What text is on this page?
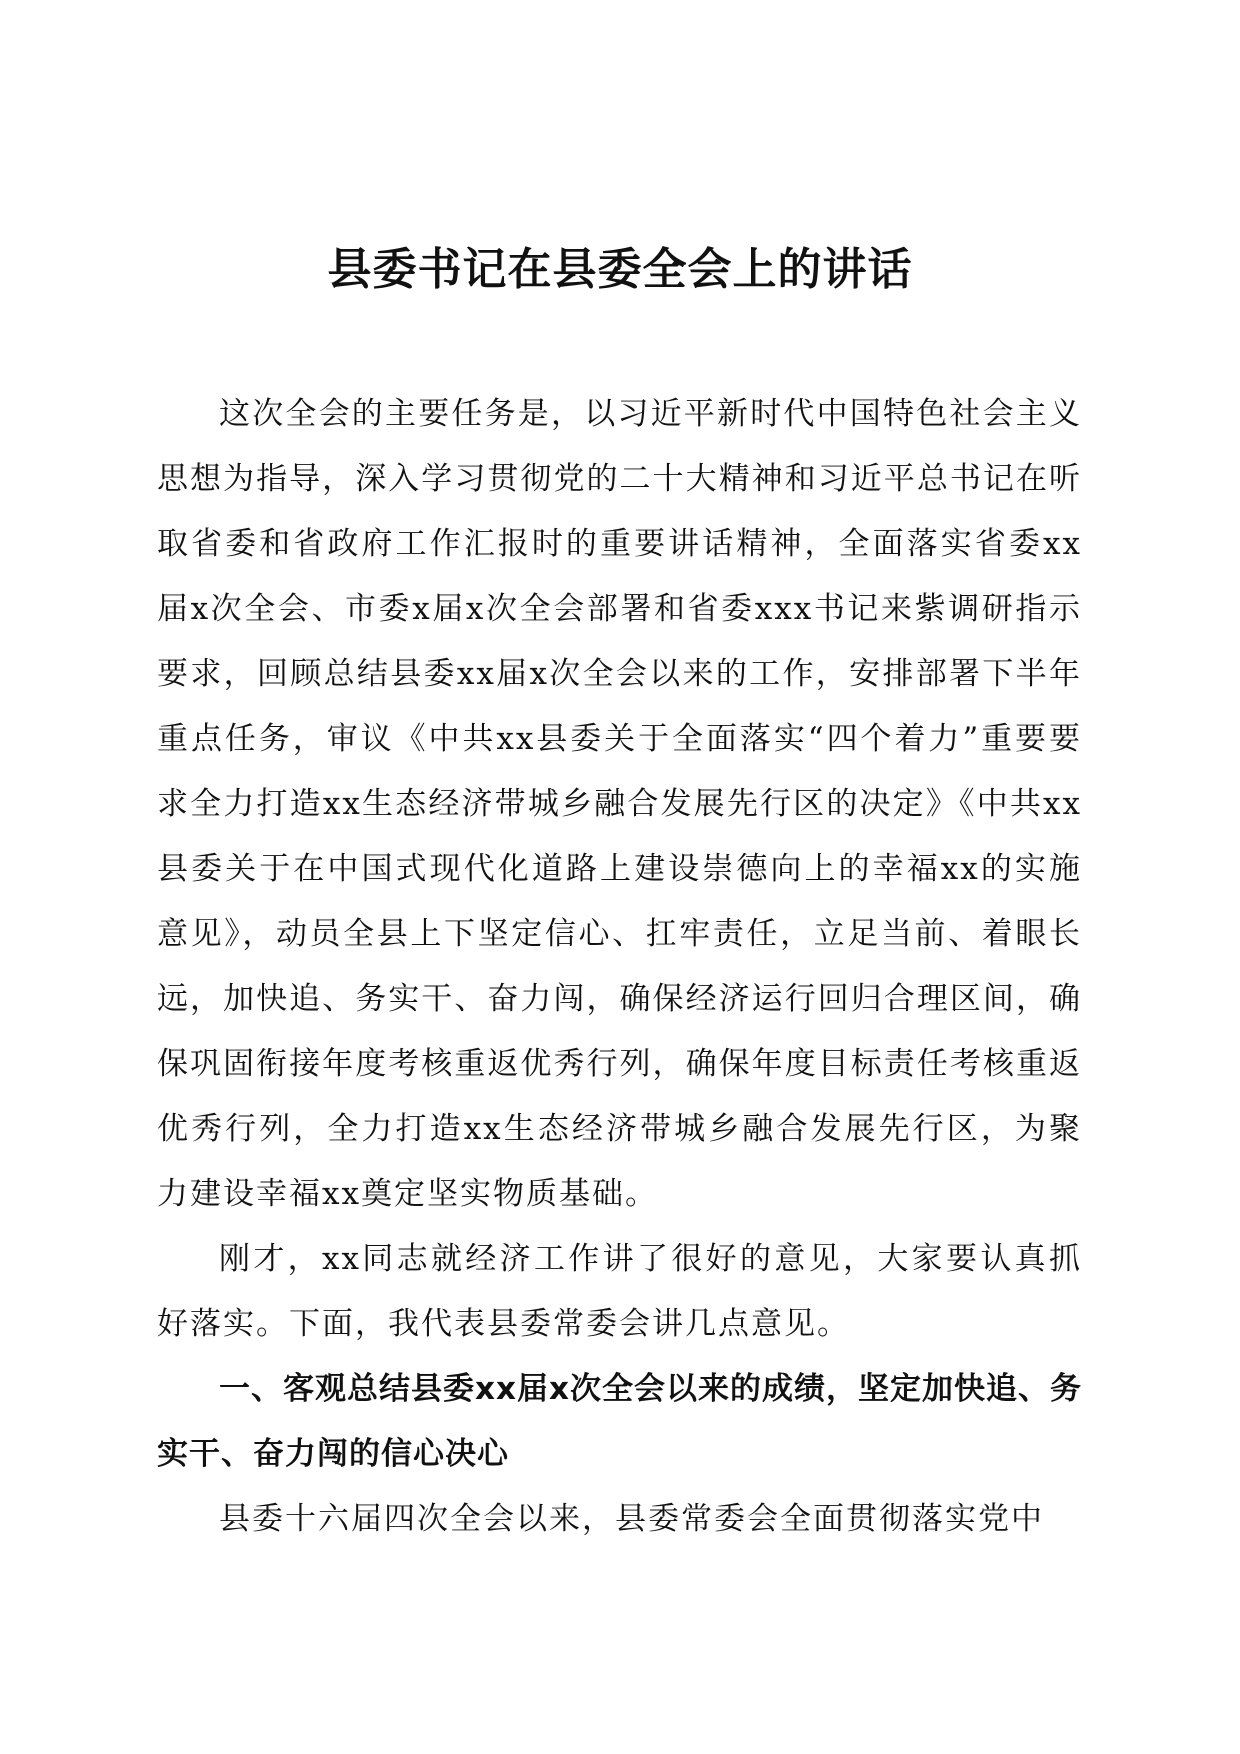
县委书记在县委全会上的讲话

这次全会的主要任务是，以习近平新时代中国特色社会主义思想为指导，深入学习贯彻党的二十大精神和习近平总书记在听取省委和省政府工作汇报时的重要讲话精神，全面落实省委xx届x次全会、市委x届x次全会部署和省委xxx书记来紫调研指示要求，回顾总结县委xx届x次全会以来的工作，安排部署下半年重点任务，审议《中共xx县委关于全面落实“四个着力”重要要求全力打造xx生态经济带城乡融合发展先行区的决定》《中共xx县委关于在中国式现代化道路上建设崇德向上的幸福xx的实施意见》，动员全县上下坚定信心、扛牢责任，立足当前、着眼长远，加快追、务实干、奋力闯，确保经济运行回归合理区间，确保巩固衔接年度考核重返优秀行列，确保年度目标责任考核重返优秀行列，全力打造xx生态经济带城乡融合发展先行区，为聚力建设幸福xx奠定坚实物质基础。

刚才，xx同志就经济工作讲了很好的意见，大家要认真抓好落实。下面，我代表县委常委会讲几点意见。

一、客观总结县委xx届x次全会以来的成绩，坚定加快追、务实干、奋力闯的信心决心

县委十六届四次全会以来，县委常委会全面贯彻落实党中
